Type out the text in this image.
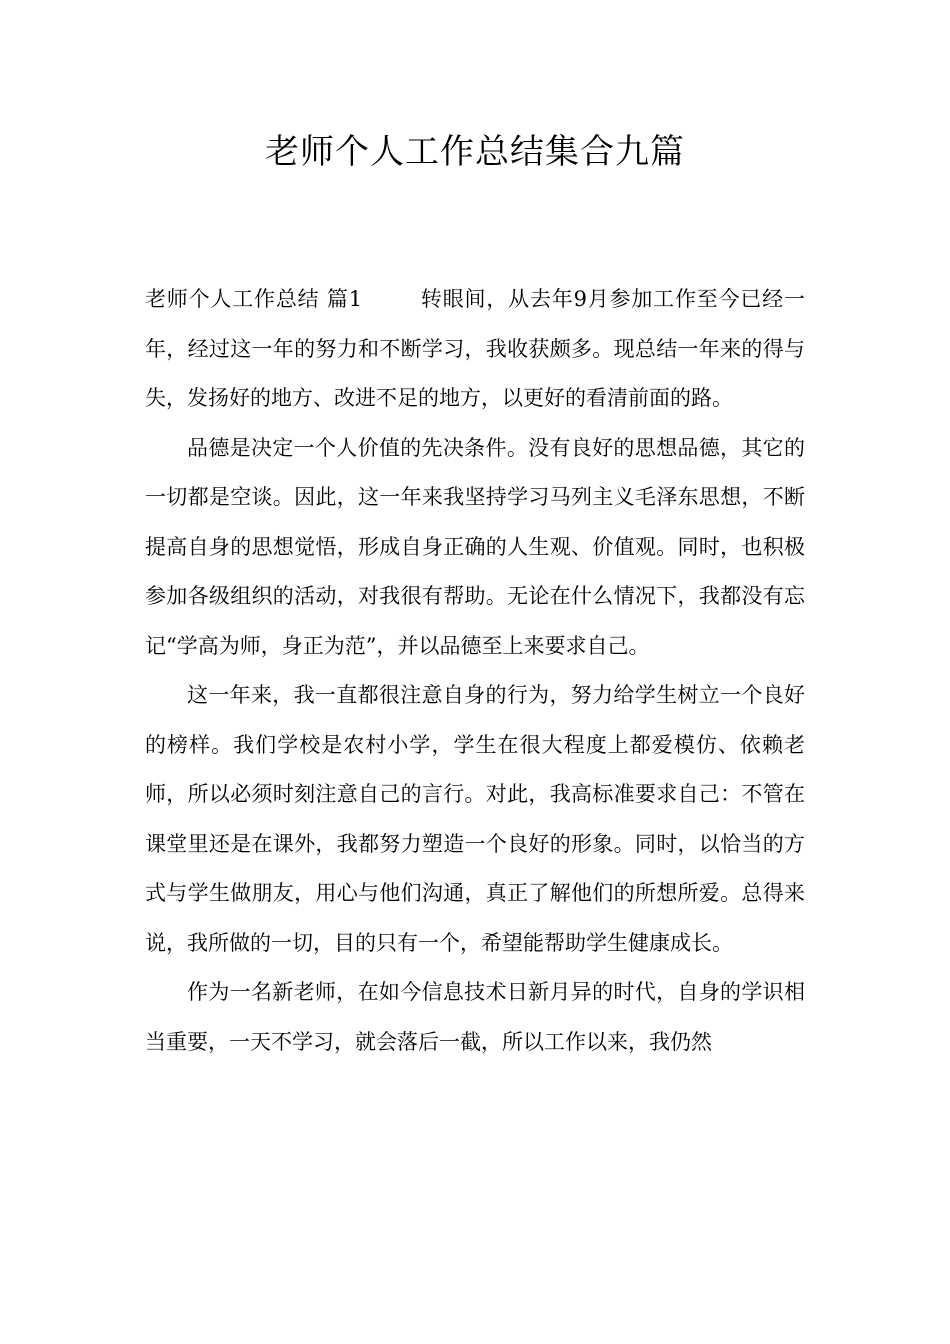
老师个人工作总结集合九篇

老师个人工作总结 篇1	转眼间，从去年9月参加工作至今已经一年，经过这一年的努力和不断学习，我收获颇多。现总结一年来的得与失，发扬好的地方、改进不足的地方，以更好的看清前面的路。

品德是决定一个人价值的先决条件。没有良好的思想品德，其它的一切都是空谈。因此，这一年来我坚持学习马列主义毛泽东思想，不断提高自身的思想觉悟，形成自身正确的人生观、价值观。同时，也积极参加各级组织的活动，对我很有帮助。无论在什么情况下，我都没有忘记“学高为师，身正为范”，并以品德至上来要求自己。

这一年来，我一直都很注意自身的行为，努力给学生树立一个良好的榜样。我们学校是农村小学，学生在很大程度上都爱模仿、依赖老师，所以必须时刻注意自己的言行。对此，我高标准要求自己：不管在课堂里还是在课外，我都努力塑造一个良好的形象。同时，以恰当的方式与学生做朋友，用心与他们沟通，真正了解他们的所想所爱。总得来说，我所做的一切，目的只有一个，希望能帮助学生健康成长。

作为一名新老师，在如今信息技术日新月异的时代，自身的学识相当重要，一天不学习，就会落后一截，所以工作以来，我仍然
